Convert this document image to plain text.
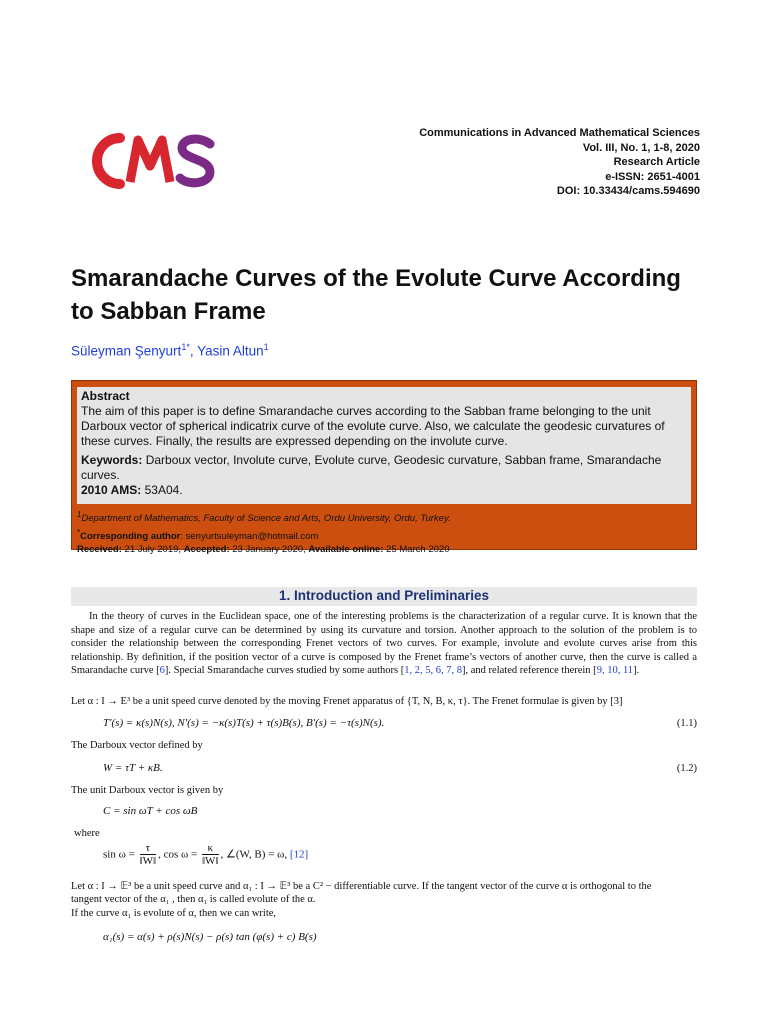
Communications in Advanced Mathematical Sciences
Vol. III, No. 1, 1-8, 2020
Research Article
e-ISSN: 2651-4001
DOI: 10.33434/cams.594690
Smarandache Curves of the Evolute Curve According to Sabban Frame
Süleyman Şenyurt$^{1*}$, Yasin Altun$^1$

Abstract

The aim of this paper is to define Smarandache curves according to the Sabban frame belonging to the unit Darboux vector of spherical indicatrix curve of the evolute curve. Also, we calculate the geodesic curvatures of these curves. Finally, the results are expressed depending on the involute curve.

Keywords: Darboux vector, Involute curve, Evolute curve, Geodesic curvature, Sabban frame, Smarandache curves.

2010 AMS: 53A04.

$^1$Department of Mathematics, Faculty of Science and Arts, Ordu University, Ordu, Turkey.
*Corresponding author: senyurtsuleyman@hotmail.com
Received: 21 July 2019, Accepted: 23 January 2020, Available online: 25 March 2020
1. Introduction and Preliminaries
In the theory of curves in the Euclidean space, one of the interesting problems is the characterization of a regular curve. It is known that the shape and size of a regular curve can be determined by using its curvature and torsion. Another approach to the solution of the problem is to consider the relationship between the corresponding Frenet vectors of two curves. For example, involute and evolute curves arise from this relationship. By definition, if the position vector of a curve is composed by the Frenet frame’s vectors of another curve, then the curve is called a Smarandache curve [6]. Special Smarandache curves studied by some authors [1, 2, 5, 6, 7, 8], and related reference therein [9, 10, 11].
Let α : I → E³ be a unit speed curve denoted by the moving Frenet apparatus of {T, N, B, κ, τ}. The Frenet formulae is given by [3]
T′(s) = κ(s)N(s), N′(s) = −κ(s)T(s) + τ(s)B(s), B′(s) = −τ(s)N(s).	(1.1)
The Darboux vector defined by
W = τT + κB.	(1.2)
The unit Darboux vector is given by
C = sin ωT + cos ωB
where
$\sin \omega = \frac{\tau}{‖W‖}$ , $\cos \omega = \frac{\kappa}{‖W‖}$ , ∠(W, B) = ω, [12]
Let α : I → 𝔼³ be a unit speed curve and α₁ : I → 𝔼³ be a C² − differentiable curve. If the tangent vector of the curve α is orthogonal to the
tangent vector of the α₁ , then α₁ is called evolute of the α.
If the curve α₁ is evolute of α, then we can write,
α₁(s) = α(s) + ρ(s)N(s) − ρ(s) tan (φ(s) + c) B(s)
